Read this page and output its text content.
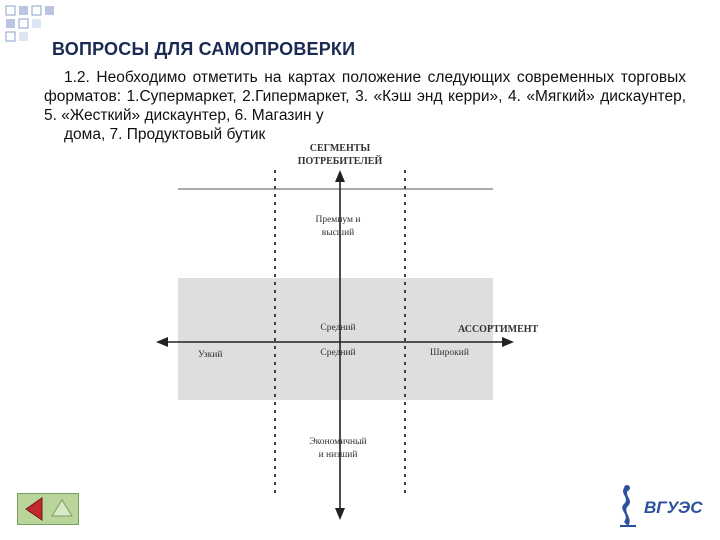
ВОПРОСЫ ДЛЯ САМОПРОВЕРКИ
1.2. Необходимо отметить на картах положение следующих современных торговых форматов: 1.Супермаркет, 2.Гипермаркет, 3. «Кэш энд керри», 4. «Мягкий» дискаунтер, 5. «Жесткий» дискаунтер, 6. Магазин у
дома, 7. Продуктовый бутик
СЕГМЕНТЫ
ПОТРЕБИТЕЛЕЙ
АССОРТИМЕНТ
Премиум и
высший
Средний
Экономичный
и низший
Узкий	Средний	Широкий
ВГУЭС
